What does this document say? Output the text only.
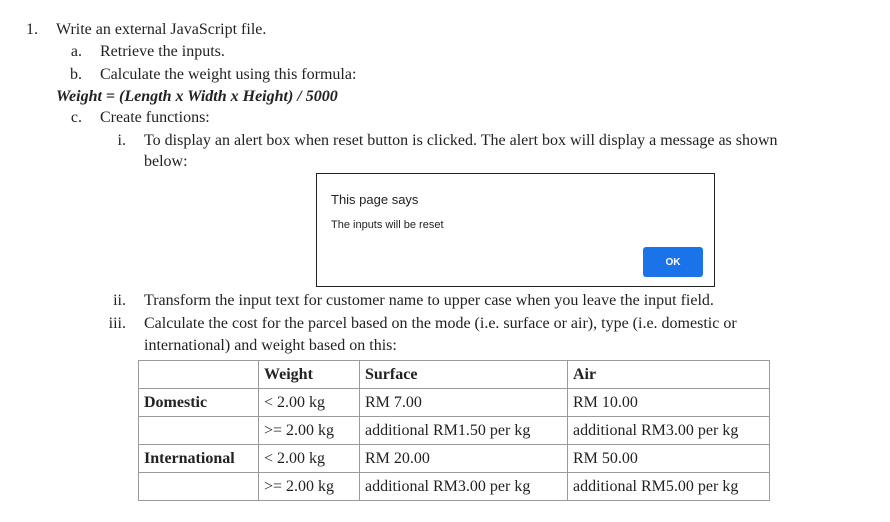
1. Write an external JavaScript file.
a. Retrieve the inputs.
b. Calculate the weight using this formula:
Weight = (Length x Width x Height) / 5000
c. Create functions:
i. To display an alert box when reset button is clicked. The alert box will display a message as shown
below:
This page says
The inputs will be reset
OK
ii. Transform the input text for customer name to upper case when you leave the input field.
iii. Calculate the cost for the parcel based on the mode (i.e. surface or air), type (i.e. domestic or
international) and weight based on this:
	Weight	Surface	Air
Domestic	< 2.00 kg	RM 7.00	RM 10.00
	>= 2.00 kg	additional RM1.50 per kg	additional RM3.00 per kg
International	< 2.00 kg	RM 20.00	RM 50.00
	>= 2.00 kg	additional RM3.00 per kg	additional RM5.00 per kg
